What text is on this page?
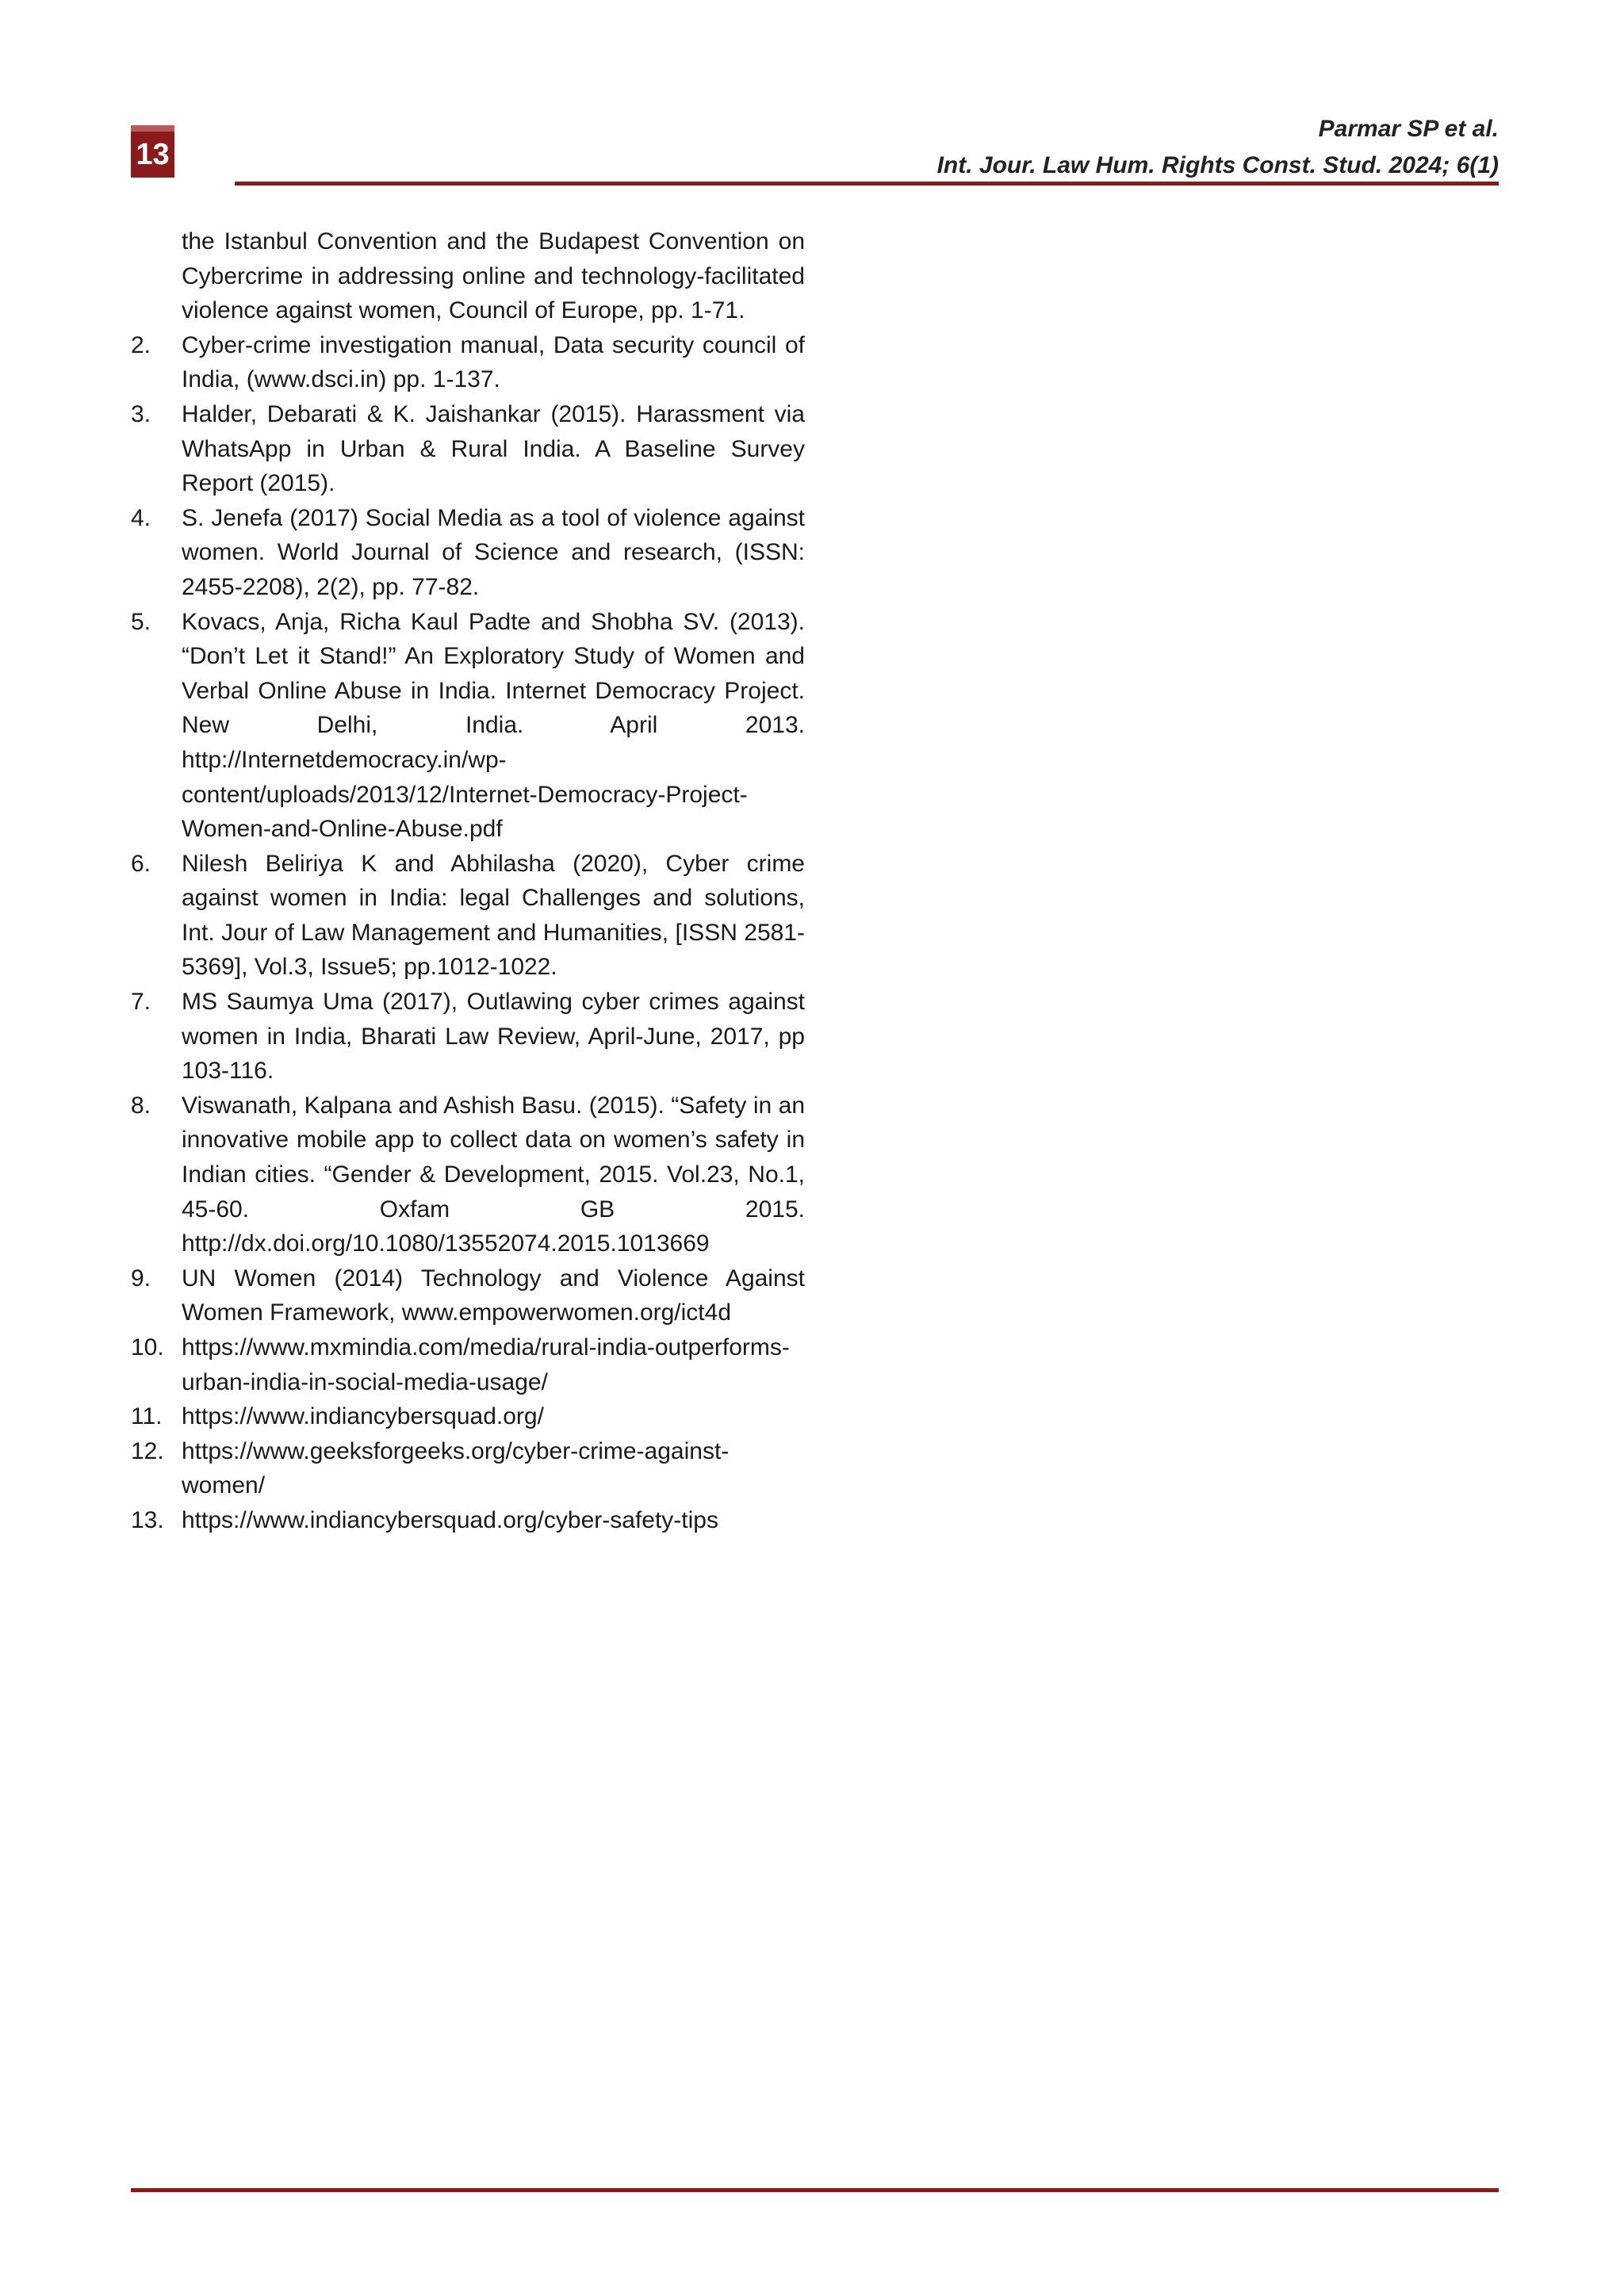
13
Parmar SP et al.
Int. Jour. Law Hum. Rights Const. Stud. 2024; 6(1)
the Istanbul Convention and the Budapest Convention on Cybercrime in addressing online and technology-facilitated violence against women, Council of Europe, pp. 1-71.
2. Cyber-crime investigation manual, Data security council of India, (www.dsci.in) pp. 1-137.
3. Halder, Debarati & K. Jaishankar (2015). Harassment via WhatsApp in Urban & Rural India. A Baseline Survey Report (2015).
4. S. Jenefa (2017) Social Media as a tool of violence against women. World Journal of Science and research, (ISSN: 2455-2208), 2(2), pp. 77-82.
5. Kovacs, Anja, Richa Kaul Padte and Shobha SV. (2013). “Don’t Let it Stand!” An Exploratory Study of Women and Verbal Online Abuse in India. Internet Democracy Project. New Delhi, India. April 2013. http://Internetdemocracy.in/wp-content/uploads/2013/12/Internet-Democracy-Project-Women-and-Online-Abuse.pdf
6. Nilesh Beliriya K and Abhilasha (2020), Cyber crime against women in India: legal Challenges and solutions, Int. Jour of Law Management and Humanities, [ISSN 2581-5369], Vol.3, Issue5; pp.1012-1022.
7. MS Saumya Uma (2017), Outlawing cyber crimes against women in India, Bharati Law Review, April-June, 2017, pp 103-116.
8. Viswanath, Kalpana and Ashish Basu. (2015). “Safety in an innovative mobile app to collect data on women’s safety in Indian cities. “Gender & Development, 2015. Vol.23, No.1, 45-60. Oxfam GB 2015. http://dx.doi.org/10.1080/13552074.2015.1013669
9. UN Women (2014) Technology and Violence Against Women Framework, www.empowerwomen.org/ict4d
10. https://www.mxmindia.com/media/rural-india-outperforms-urban-india-in-social-media-usage/
11. https://www.indiancybersquad.org/
12. https://www.geeksforgeeks.org/cyber-crime-against-women/
13. https://www.indiancybersquad.org/cyber-safety-tips
